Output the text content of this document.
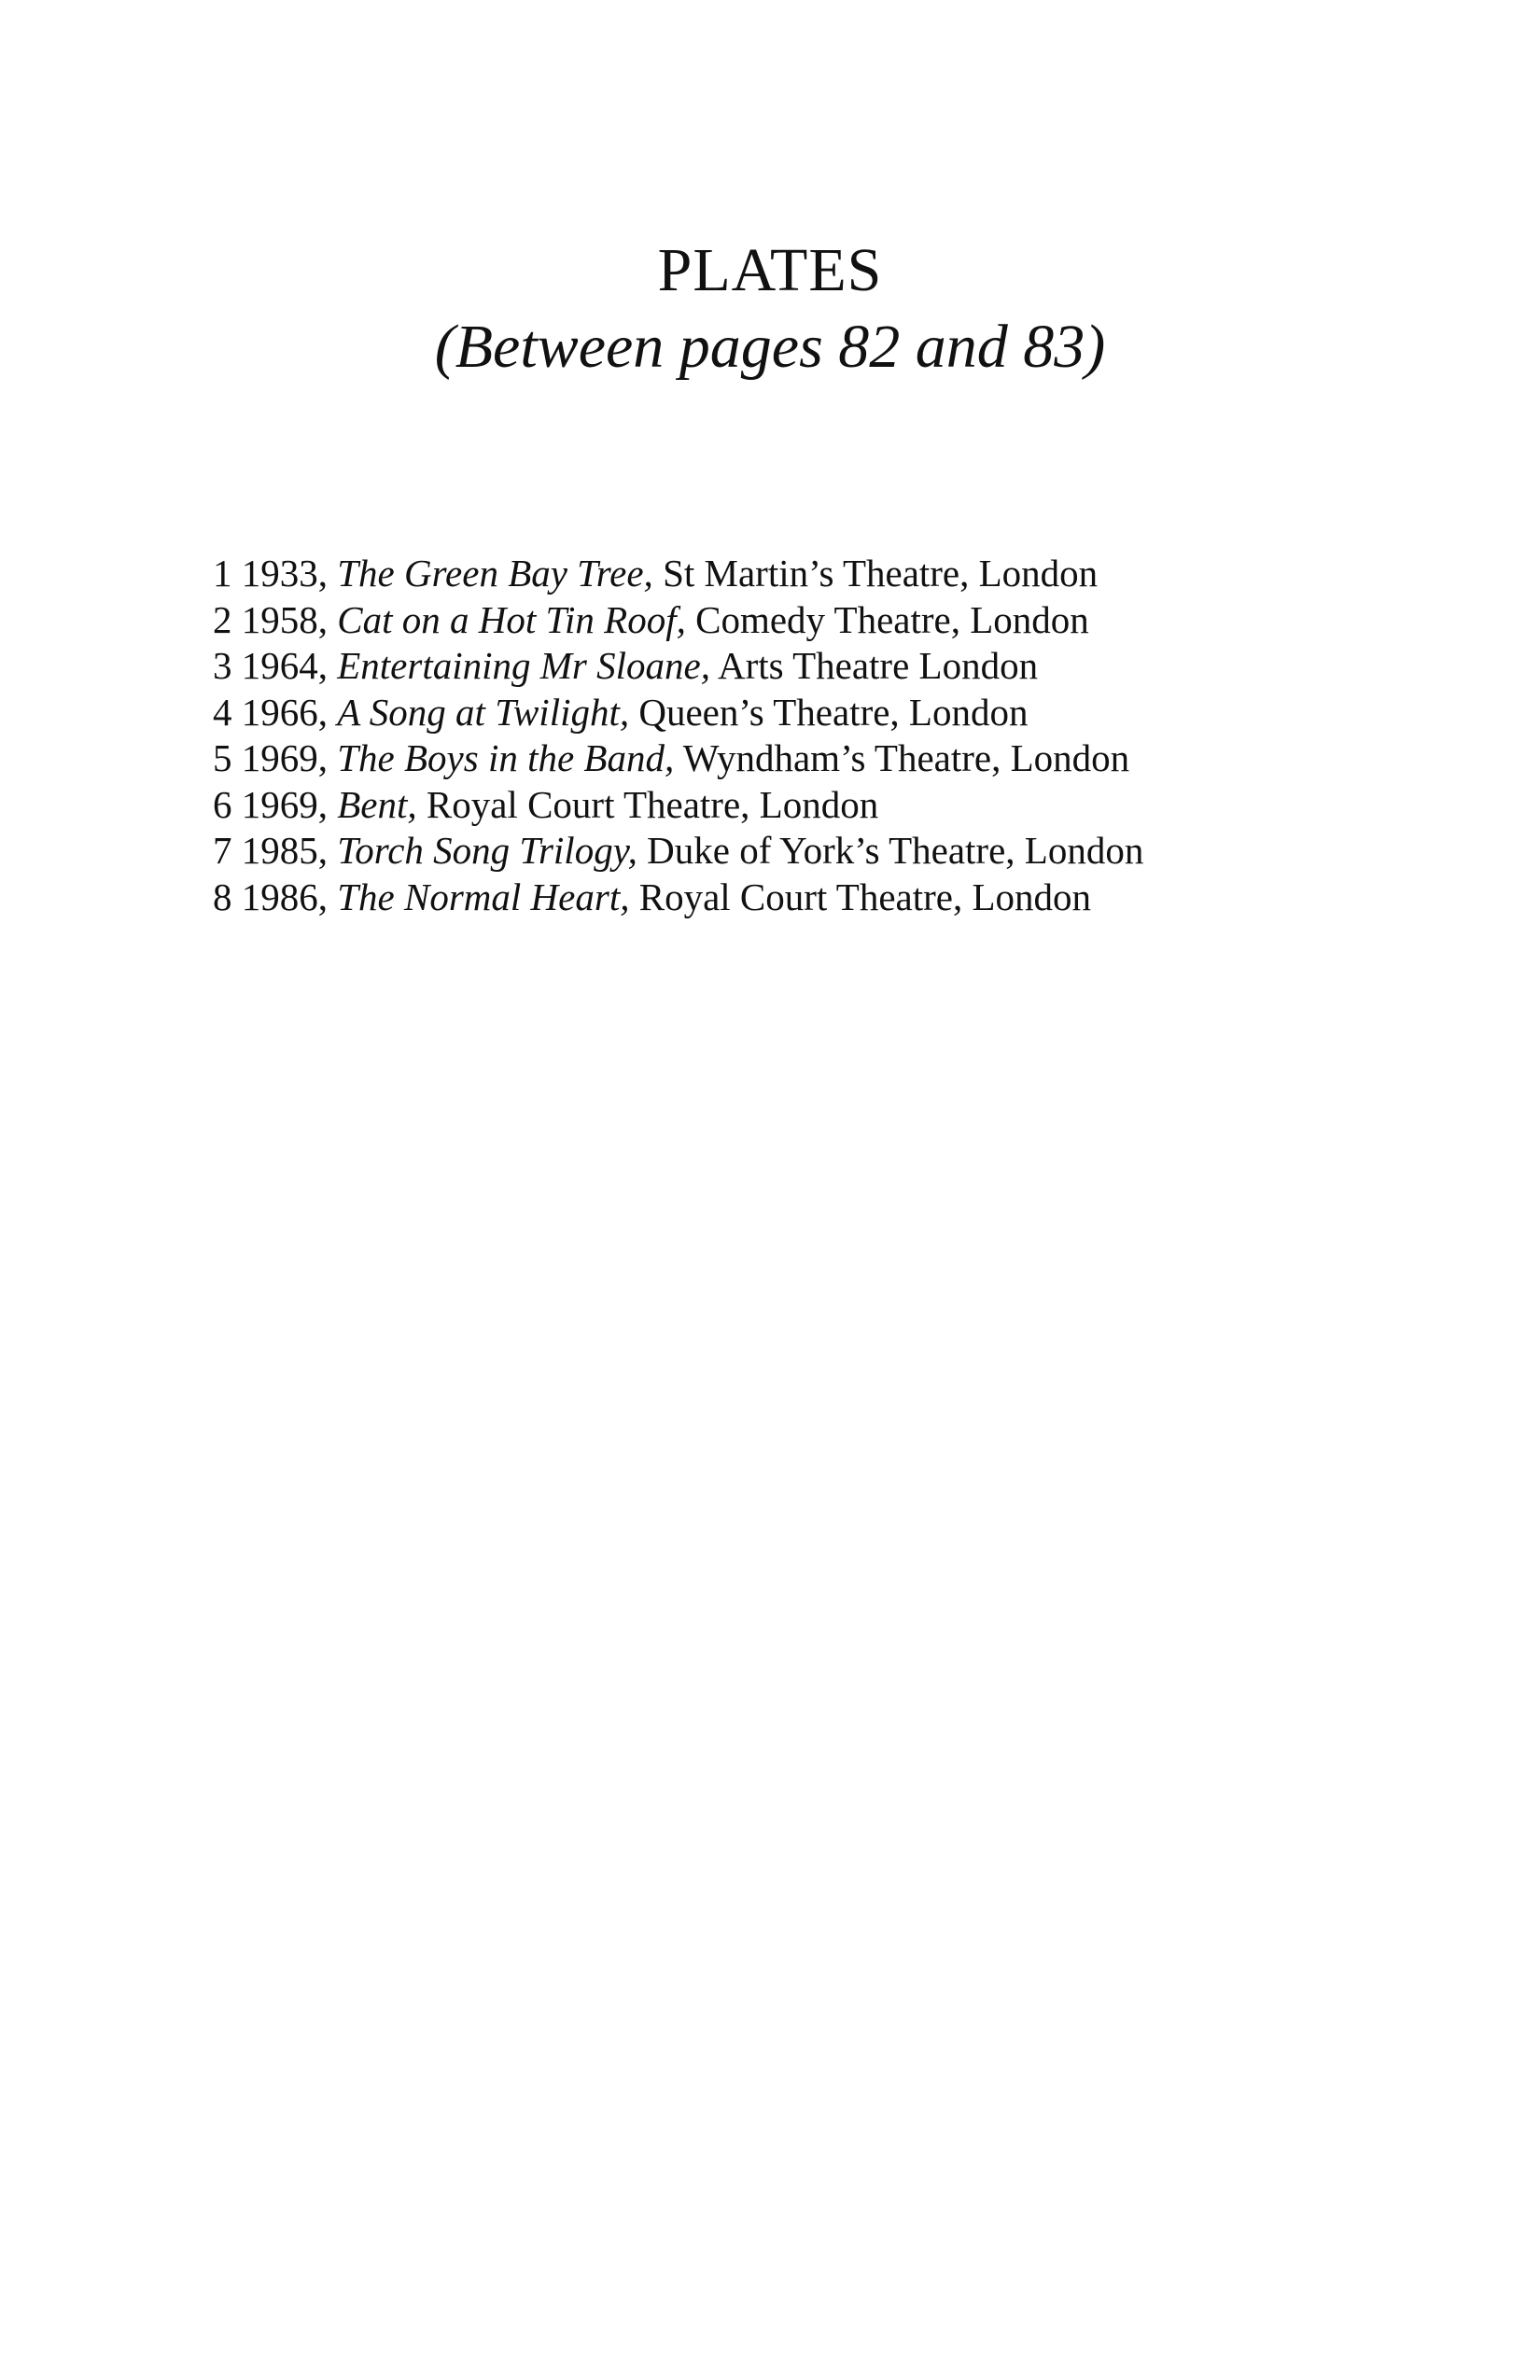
PLATES

(Between pages 82 and 83)

1 1933, The Green Bay Tree, St Martin’s Theatre, London
2 1958, Cat on a Hot Tin Roof, Comedy Theatre, London
3 1964, Entertaining Mr Sloane, Arts Theatre London
4 1966, A Song at Twilight, Queen’s Theatre, London
5 1969, The Boys in the Band, Wyndham’s Theatre, London
6 1969, Bent, Royal Court Theatre, London
7 1985, Torch Song Trilogy, Duke of York’s Theatre, London
8 1986, The Normal Heart, Royal Court Theatre, London
